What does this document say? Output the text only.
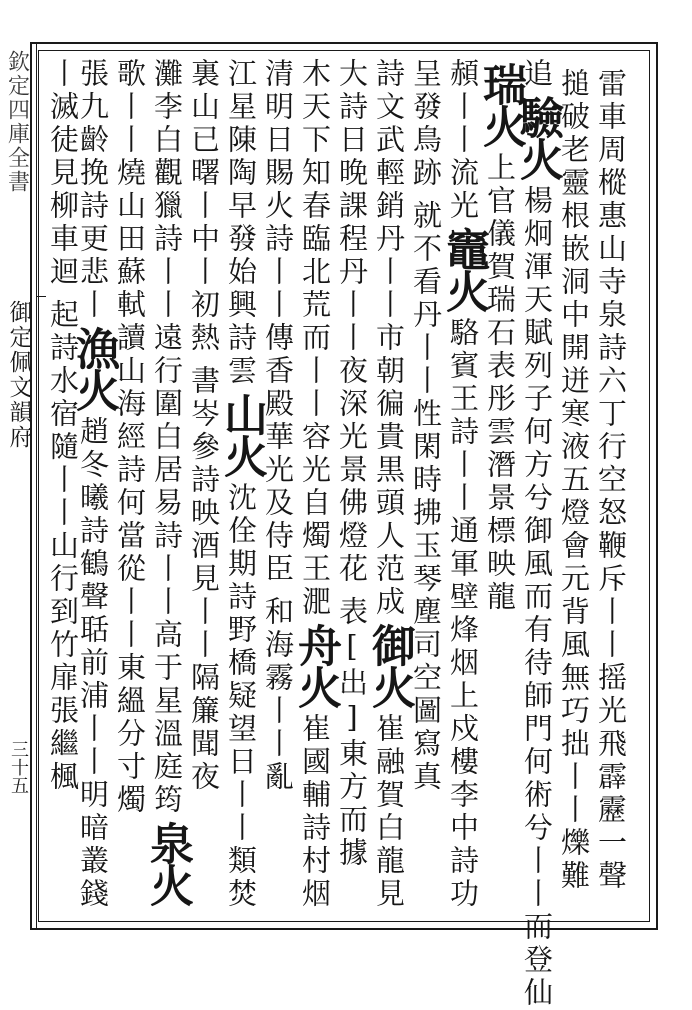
欽定四庫全書
御定佩文韻府
三十五	雷車周樅惠山寺泉詩六丁行空怒鞭斥丨丨摇光飛霹靂一聲
搥破老靈根嵌洞中開迸寒液五燈會元背風無巧拙丨丨爍難
追
驗火
楊炯渾天賦列子何方兮御風而有待師門何術兮丨丨而登仙
瑞火
上官儀賀瑞石表彤雲潛景標映龍
頳丨丨流光
竈火
駱賓王詩丨丨通軍壁烽烟上戍樓李中詩功
呈發鳥跡
就不看丹丨丨性閑時拂玉琴塵司空圖寫真
詩文武輕銷丹丨丨市朝徧貴黒頭人范成
御火
崔融賀白龍見
大詩日晚課程丹丨丨夜深光景佛燈花
表[出]東方而據
木天下知春臨北荒而丨丨容光自燭王淝
舟火
崔國輔詩村烟
清明日賜火詩丨丨傳香殿華光及侍臣
和海霧丨丨亂
江星陳陶早發始興詩雲
山火
沈佺期詩野橋疑望日丨丨類焚
裏山已曙丨中丨初熱
書岑參詩映酒見丨丨隔簾聞夜
灘李白觀獵詩丨丨遠行圍白居易詩丨丨高于星溫庭筠
泉火
歌丨丨燒山田蘇軾讀山海經詩何當從丨丨東縕分寸燭
張九齡挽詩更悲丨
漁火
趙冬曦詩鶴聲聒前浦丨丨明暗叢錢
丨滅徒見柳車迴
起詩水宿隨丨丨山行到竹扉張繼楓
